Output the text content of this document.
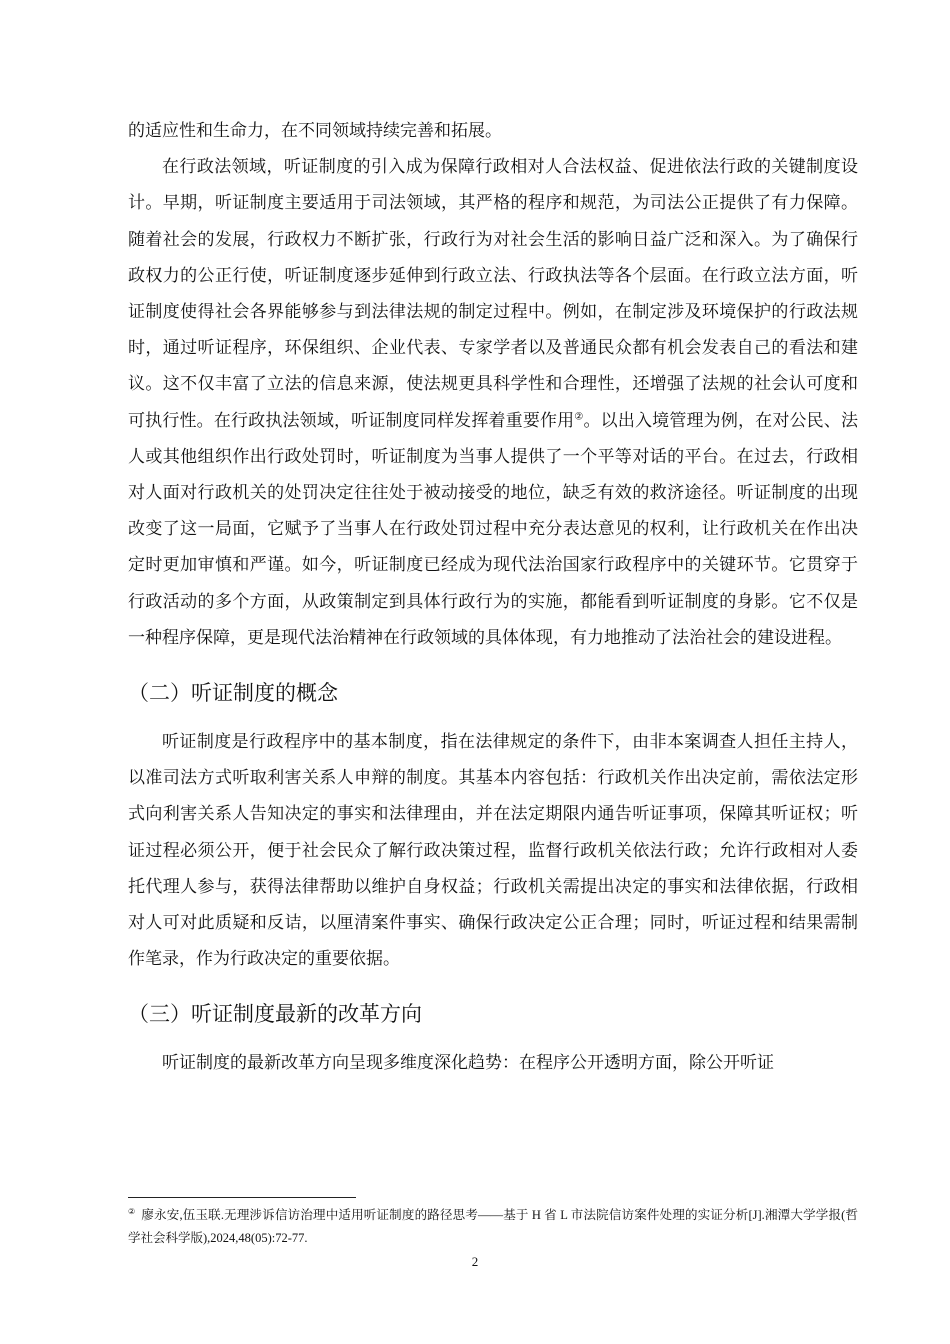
的适应性和生命力，在不同领域持续完善和拓展。

在行政法领域，听证制度的引入成为保障行政相对人合法权益、促进依法行政的关键制度设计。早期，听证制度主要适用于司法领域，其严格的程序和规范，为司法公正提供了有力保障。随着社会的发展，行政权力不断扩张，行政行为对社会生活的影响日益广泛和深入。为了确保行政权力的公正行使，听证制度逐步延伸到行政立法、行政执法等各个层面。在行政立法方面，听证制度使得社会各界能够参与到法律法规的制定过程中。例如，在制定涉及环境保护的行政法规时，通过听证程序，环保组织、企业代表、专家学者以及普通民众都有机会发表自己的看法和建议。这不仅丰富了立法的信息来源，使法规更具科学性和合理性，还增强了法规的社会认可度和可执行性。在行政执法领域，听证制度同样发挥着重要作用②。以出入境管理为例，在对公民、法人或其他组织作出行政处罚时，听证制度为当事人提供了一个平等对话的平台。在过去，行政相对人面对行政机关的处罚决定往往处于被动接受的地位，缺乏有效的救济途径。听证制度的出现改变了这一局面，它赋予了当事人在行政处罚过程中充分表达意见的权利，让行政机关在作出决定时更加审慎和严谨。如今，听证制度已经成为现代法治国家行政程序中的关键环节。它贯穿于行政活动的多个方面，从政策制定到具体行政行为的实施，都能看到听证制度的身影。它不仅是一种程序保障，更是现代法治精神在行政领域的具体体现，有力地推动了法治社会的建设进程。

（二）听证制度的概念

听证制度是行政程序中的基本制度，指在法律规定的条件下，由非本案调查人担任主持人，以准司法方式听取利害关系人申辩的制度。其基本内容包括：行政机关作出决定前，需依法定形式向利害关系人告知决定的事实和法律理由，并在法定期限内通告听证事项，保障其听证权；听证过程必须公开，便于社会民众了解行政决策过程，监督行政机关依法行政；允许行政相对人委托代理人参与，获得法律帮助以维护自身权益；行政机关需提出决定的事实和法律依据，行政相对人可对此质疑和反诘，以厘清案件事实、确保行政决定公正合理；同时，听证过程和结果需制作笔录，作为行政决定的重要依据。

（三）听证制度最新的改革方向

听证制度的最新改革方向呈现多维度深化趋势：在程序公开透明方面，除公开听证

② 廖永安,伍玉联.无理涉诉信访治理中适用听证制度的路径思考——基于 H 省 L 市法院信访案件处理的实证分析[J].湘潭大学学报(哲学社会科学版),2024,48(05):72-77.

2
